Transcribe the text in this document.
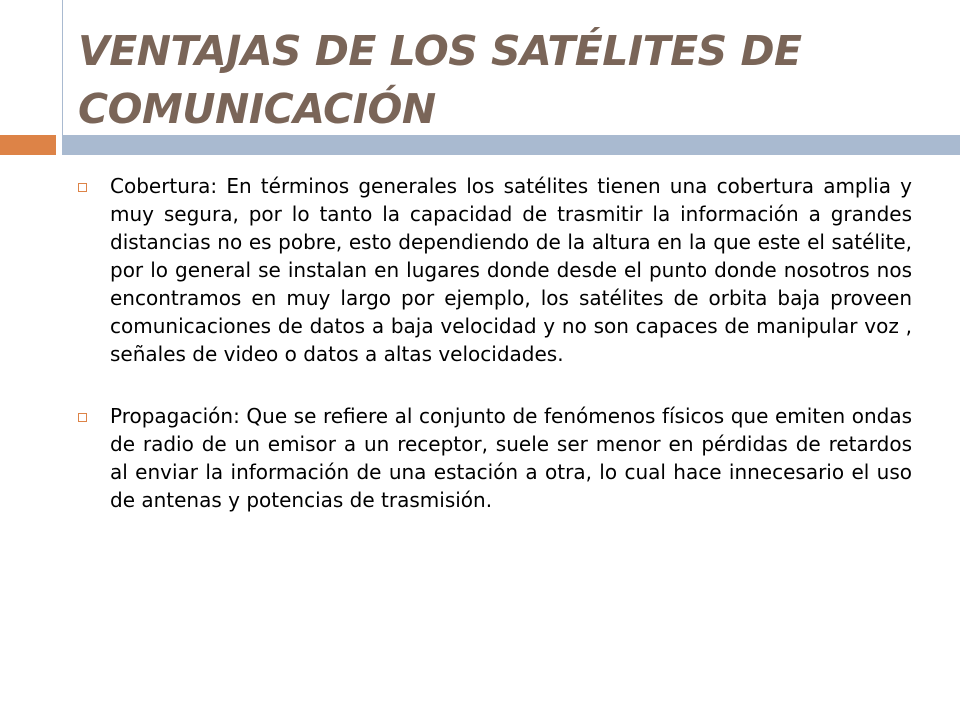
VENTAJAS DE LOS SATÉLITES DE COMUNICACIÓN
Cobertura: En términos generales los satélites tienen una cobertura amplia y muy segura, por lo tanto la capacidad de trasmitir la información a grandes distancias no es pobre, esto dependiendo de la altura en la que este el satélite, por lo general se instalan en lugares donde desde el punto donde nosotros nos encontramos en muy largo por ejemplo, los satélites de orbita baja proveen comunicaciones de datos a baja velocidad y no son capaces de manipular voz , señales de video o datos a altas velocidades.
Propagación: Que se refiere al conjunto de fenómenos físicos que emiten ondas de radio de un emisor a un receptor, suele ser menor en pérdidas de retardos al enviar la información de una estación a otra, lo cual hace innecesario el uso de antenas y potencias de trasmisión.
